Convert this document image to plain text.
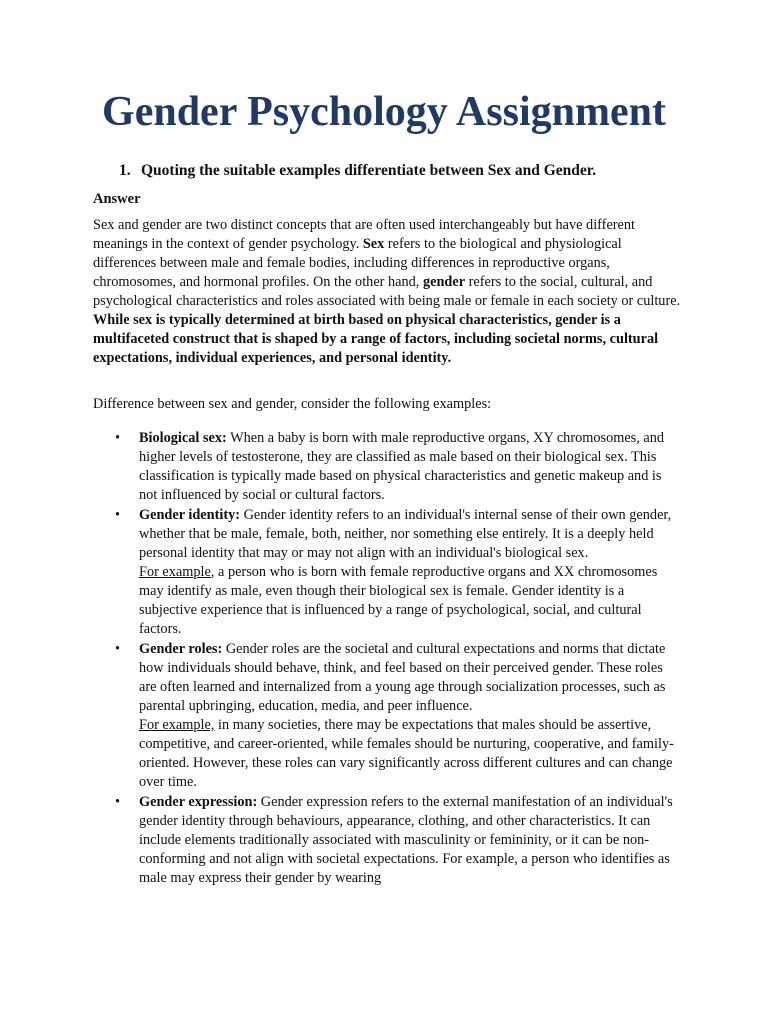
Gender Psychology Assignment

1. Quoting the suitable examples differentiate between Sex and Gender.

Answer

Sex and gender are two distinct concepts that are often used interchangeably but have different meanings in the context of gender psychology. Sex refers to the biological and physiological differences between male and female bodies, including differences in reproductive organs, chromosomes, and hormonal profiles. On the other hand, gender refers to the social, cultural, and psychological characteristics and roles associated with being male or female in each society or culture. While sex is typically determined at birth based on physical characteristics, gender is a multifaceted construct that is shaped by a range of factors, including societal norms, cultural expectations, individual experiences, and personal identity.

Difference between sex and gender, consider the following examples:

• Biological sex: When a baby is born with male reproductive organs, XY chromosomes, and higher levels of testosterone, they are classified as male based on their biological sex. This classification is typically made based on physical characteristics and genetic makeup and is not influenced by social or cultural factors.
• Gender identity: Gender identity refers to an individual's internal sense of their own gender, whether that be male, female, both, neither, nor something else entirely. It is a deeply held personal identity that may or may not align with an individual's biological sex.
For example, a person who is born with female reproductive organs and XX chromosomes may identify as male, even though their biological sex is female. Gender identity is a subjective experience that is influenced by a range of psychological, social, and cultural factors.
• Gender roles: Gender roles are the societal and cultural expectations and norms that dictate how individuals should behave, think, and feel based on their perceived gender. These roles are often learned and internalized from a young age through socialization processes, such as parental upbringing, education, media, and peer influence.
For example, in many societies, there may be expectations that males should be assertive, competitive, and career-oriented, while females should be nurturing, cooperative, and family-oriented. However, these roles can vary significantly across different cultures and can change over time.
• Gender expression: Gender expression refers to the external manifestation of an individual's gender identity through behaviours, appearance, clothing, and other characteristics. It can include elements traditionally associated with masculinity or femininity, or it can be non-conforming and not align with societal expectations. For example, a person who identifies as male may express their gender by wearing
